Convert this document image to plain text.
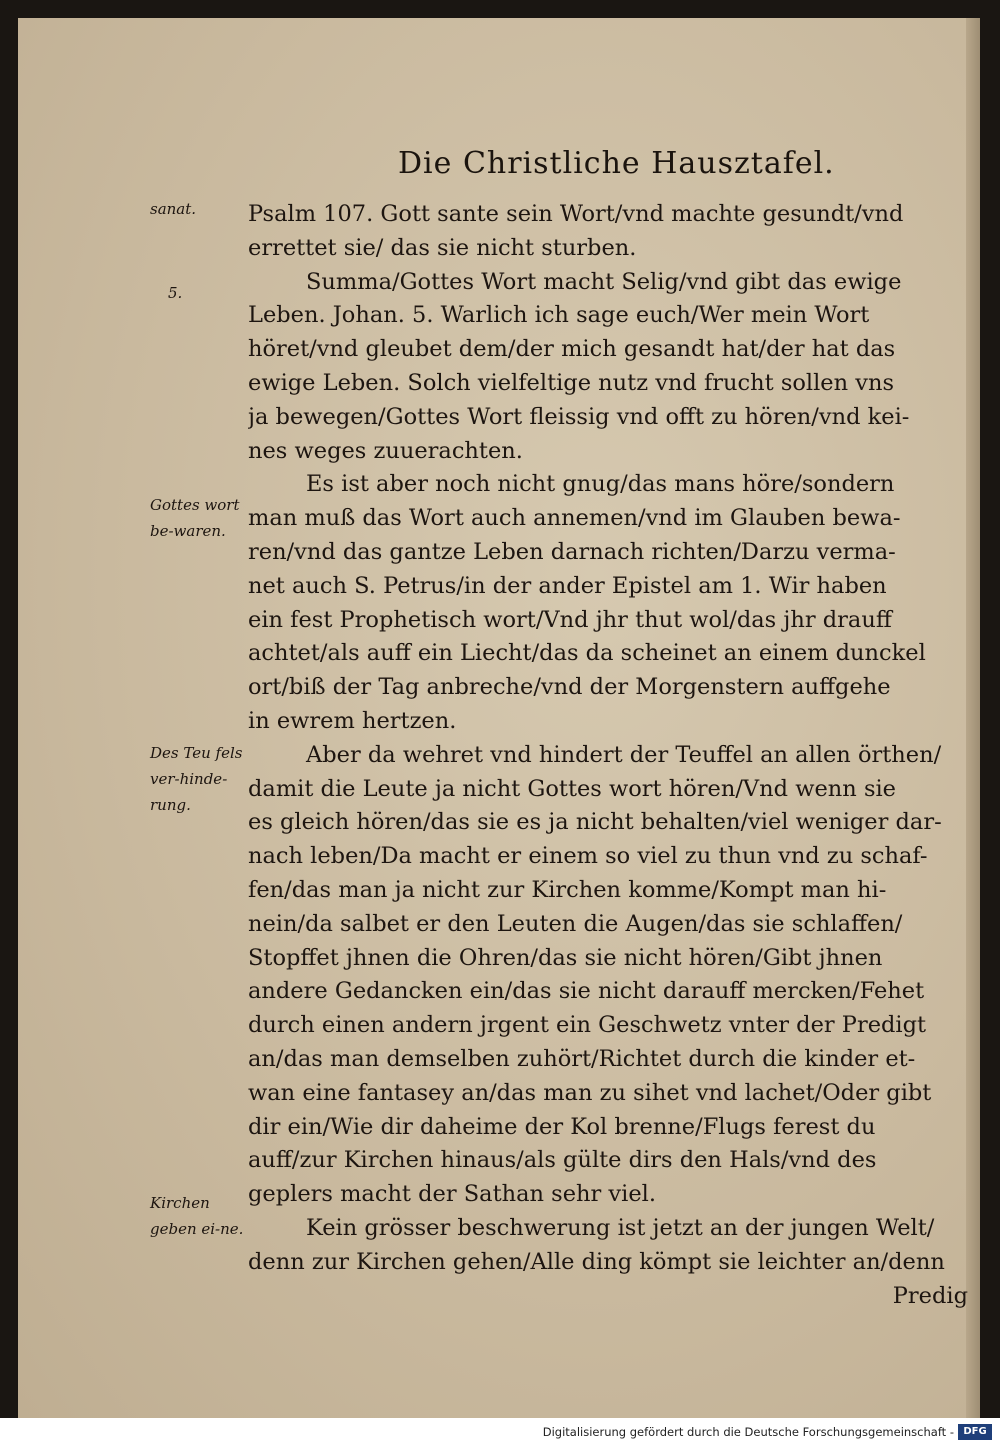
Die Christliche Hausztafel.
Psalm 107. Gott sante sein Wort/vnd machte gesundt/vnd
errettet sie/ das sie nicht sturben.
Summa/Gottes Wort macht Selig/vnd gibt das ewige
Leben. Johan. 5. Warlich ich sage euch/Wer mein Wort
höret/vnd gleubet dem/der mich gesandt hat/der hat das
ewige Leben. Solch vielfeltige nutz vnd frucht sollen vns
ja bewegen/Gottes Wort fleissig vnd offt zu hören/vnd kei-
nes weges zuuerachten.
Es ist aber noch nicht gnug/das mans höre/sondern
man muß das Wort auch annemen/vnd im Glauben bewa-
ren/vnd das gantze Leben darnach richten/Darzu verma-
net auch S. Petrus/in der ander Epistel am 1. Wir haben
ein fest Prophetisch wort/Vnd jhr thut wol/das jhr drauff
achtet/als auff ein Liecht/das da scheinet an einem dunckel
ort/biß der Tag anbreche/vnd der Morgenstern auffgehe
in ewrem hertzen.
Aber da wehret vnd hindert der Teuffel an allen örthen/
damit die Leute ja nicht Gottes wort hören/Vnd wenn sie
es gleich hören/das sie es ja nicht behalten/viel weniger dar-
nach leben/Da macht er einem so viel zu thun vnd zu schaf-
fen/das man ja nicht zur Kirchen komme/Kompt man hi-
nein/da salbet er den Leuten die Augen/das sie schlaffen/
Stopffet jhnen die Ohren/das sie nicht hören/Gibt jhnen
andere Gedancken ein/das sie nicht darauff mercken/Fehet
durch einen andern jrgent ein Geschwetz vnter der Predigt
an/das man demselben zuhört/Richtet durch die kinder et-
wan eine fantasey an/das man zu sihet vnd lachet/Oder gibt
dir ein/Wie dir daheime der Kol brenne/Flugs ferest du
auff/zur Kirchen hinaus/als gülte dirs den Hals/vnd des
geplers macht der Sathan sehr viel.
Kein grösser beschwerung ist jetzt an der jungen Welt/
denn zur Kirchen gehen/Alle ding kömpt sie leichter an/denn
Predig
sanat.
5.
Gottes wort be-waren.
Des Teu fels ver-hinde-rung.
Kirchen geben ei-ne.
Digitalisierung gefördert durch die Deutsche Forschungsgemeinschaft - DFG
